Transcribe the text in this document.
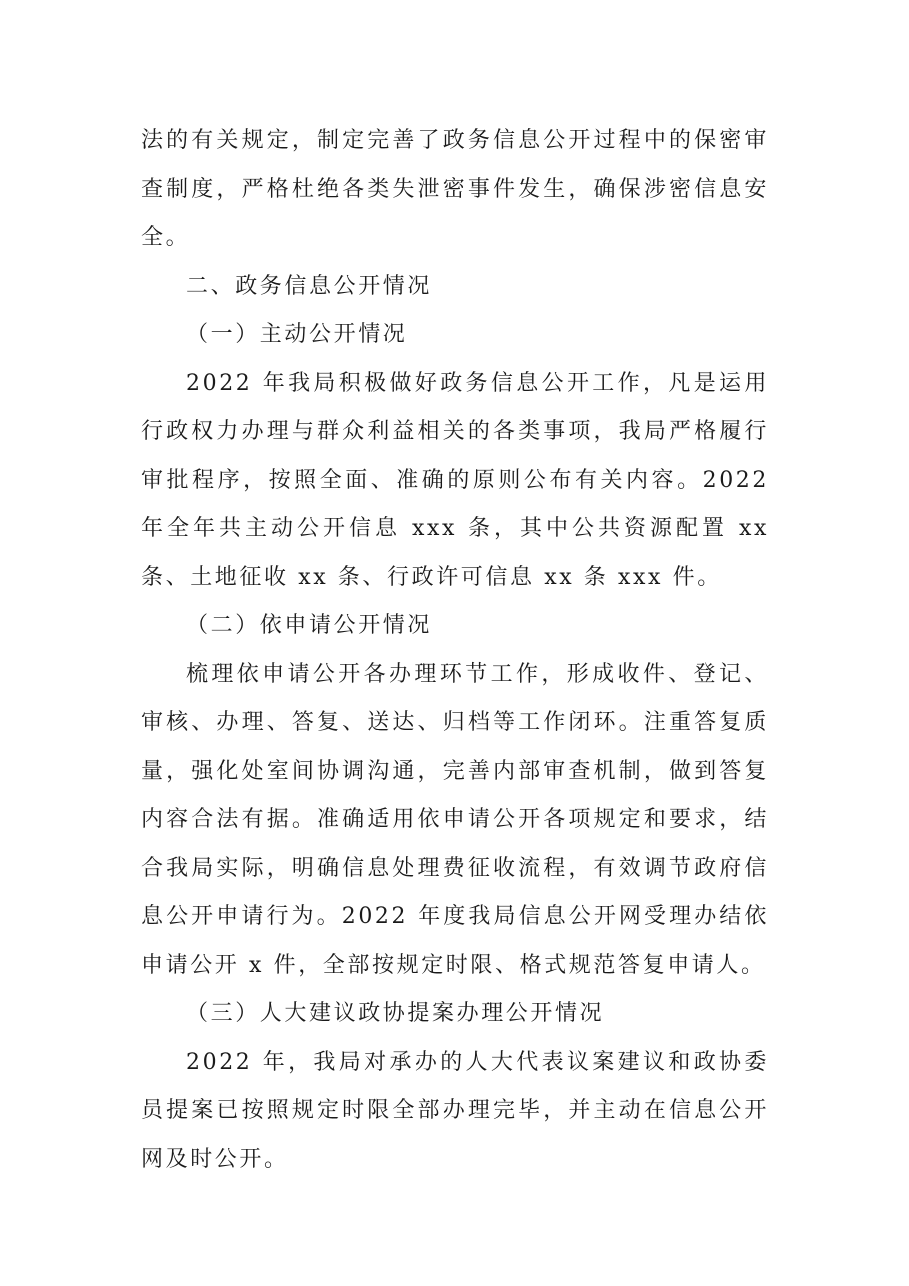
法的有关规定，制定完善了政务信息公开过程中的保密审查制度，严格杜绝各类失泄密事件发生，确保涉密信息安全。

二、政务信息公开情况

（一）主动公开情况

2022 年我局积极做好政务信息公开工作，凡是运用行政权力办理与群众利益相关的各类事项，我局严格履行审批程序，按照全面、准确的原则公布有关内容。2022 年全年共主动公开信息 xxx 条，其中公共资源配置 xx 条、土地征收 xx 条、行政许可信息 xx 条 xxx 件。

（二）依申请公开情况

梳理依申请公开各办理环节工作，形成收件、登记、审核、办理、答复、送达、归档等工作闭环。注重答复质量，强化处室间协调沟通，完善内部审查机制，做到答复内容合法有据。准确适用依申请公开各项规定和要求，结合我局实际，明确信息处理费征收流程，有效调节政府信息公开申请行为。2022 年度我局信息公开网受理办结依申请公开 x 件，全部按规定时限、格式规范答复申请人。

（三）人大建议政协提案办理公开情况

2022 年，我局对承办的人大代表议案建议和政协委员提案已按照规定时限全部办理完毕，并主动在信息公开网及时公开。
